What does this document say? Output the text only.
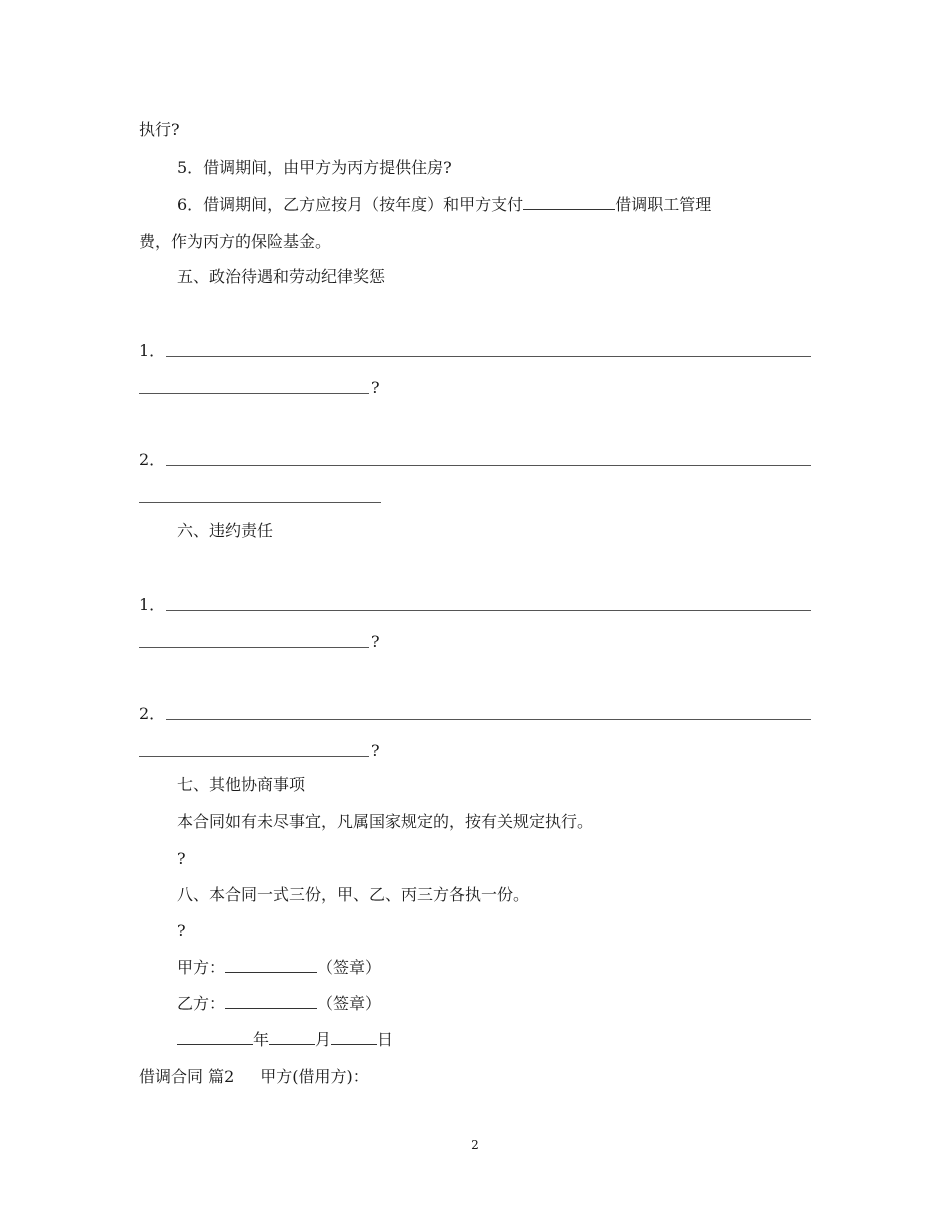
执行?
5．借调期间，由甲方为丙方提供住房?
6．借调期间，乙方应按月（按年度）和甲方支付	借调职工管理
费，作为丙方的保险基金。
五、政治待遇和劳动纪律奖惩
1．
?
2．
六、违约责任
1．
?
2．
?
七、其他协商事项
本合同如有未尽事宜，凡属国家规定的，按有关规定执行。
?
八、本合同一式三份，甲、乙、丙三方各执一份。
?
甲方：	（签章）
乙方：	（签章）
年	月	日
借调合同 篇2 甲方(借用方)：
2
